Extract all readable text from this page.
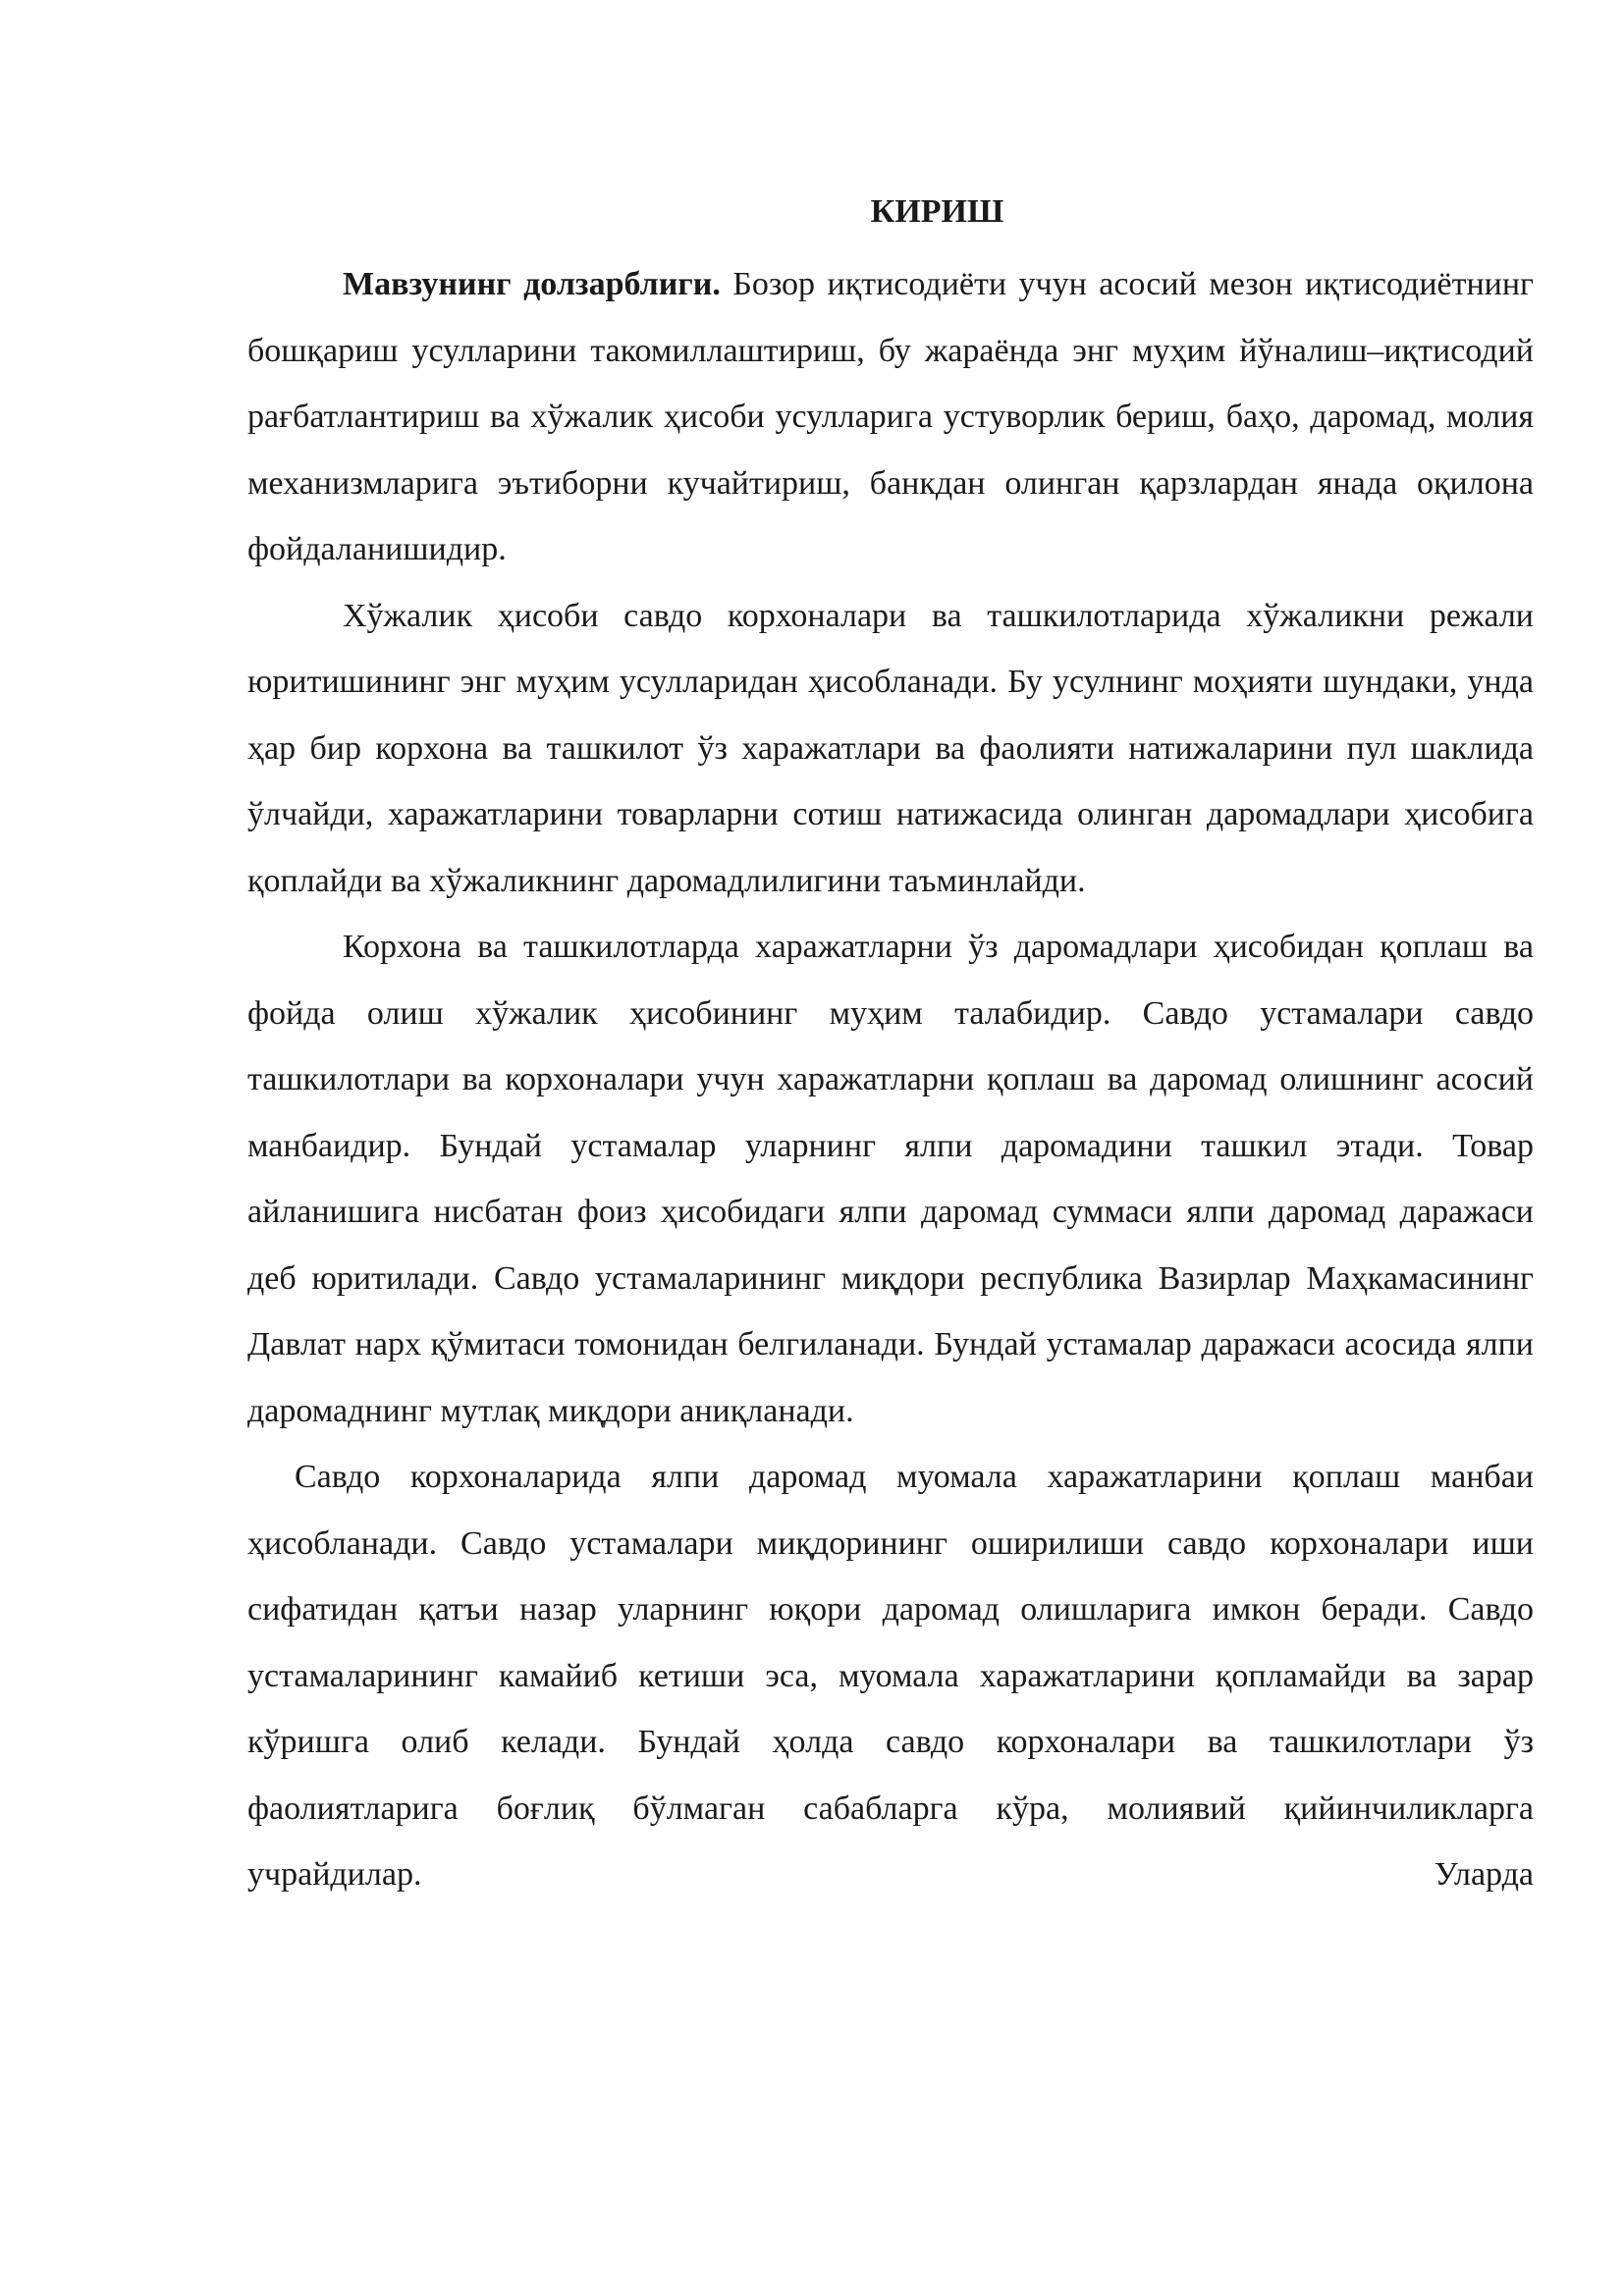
КИРИШ

Мавзунинг долзарблиги. Бозор иқтисодиёти учун асосий мезон иқтисодиётнинг бошқариш усулларини такомиллаштириш, бу жараёнда энг муҳим йўналиш–иқтисодий рағбатлантириш ва хўжалик ҳисоби усулларига устуворлик бериш, баҳо, даромад, молия механизмларига эътиборни кучайтириш, банкдан олинган қарзлардан янада оқилона фойдаланишидир.

Хўжалик ҳисоби савдо корхоналари ва ташкилотларида хўжаликни режали юритишининг энг муҳим усулларидан ҳисобланади. Бу усулнинг моҳияти шундаки, унда ҳар бир корхона ва ташкилот ўз харажатлари ва фаолияти натижаларини пул шаклида ўлчайди, харажатларини товарларни сотиш натижасида олинган даромадлари ҳисобига қоплайди ва хўжаликнинг даромадлилигини таъминлайди.

Корхона ва ташкилотларда харажатларни ўз даромадлари ҳисобидан қоплаш ва фойда олиш хўжалик ҳисобининг муҳим талабидир. Савдо устамалари савдо ташкилотлари ва корхоналари учун харажатларни қоплаш ва даромад олишнинг асосий манбаидир. Бундай устамалар уларнинг ялпи даромадини ташкил этади. Товар айланишига нисбатан фоиз ҳисобидаги ялпи даромад суммаси ялпи даромад даражаси деб юритилади. Савдо устамаларининг миқдори республика Вазирлар Маҳкамасининг Давлат нарх қўмитаси томонидан белгиланади. Бундай устамалар даражаси асосида ялпи даромаднинг мутлақ миқдори аниқланади.

Савдо корхоналарида ялпи даромад муомала харажатларини қоплаш манбаи ҳисобланади. Савдо устамалари миқдорининг оширилиши савдо корхоналари иши сифатидан қатъи назар уларнинг юқори даромад олишларига имкон беради. Савдо устамаларининг камайиб кетиши эса, муомала харажатларини қопламайди ва зарар кўришга олиб келади. Бундай ҳолда савдо корхоналари ва ташкилотлари ўз фаолиятларига боғлиқ бўлмаган сабабларга кўра, молиявий қийинчиликларга учрайдилар. Уларда
